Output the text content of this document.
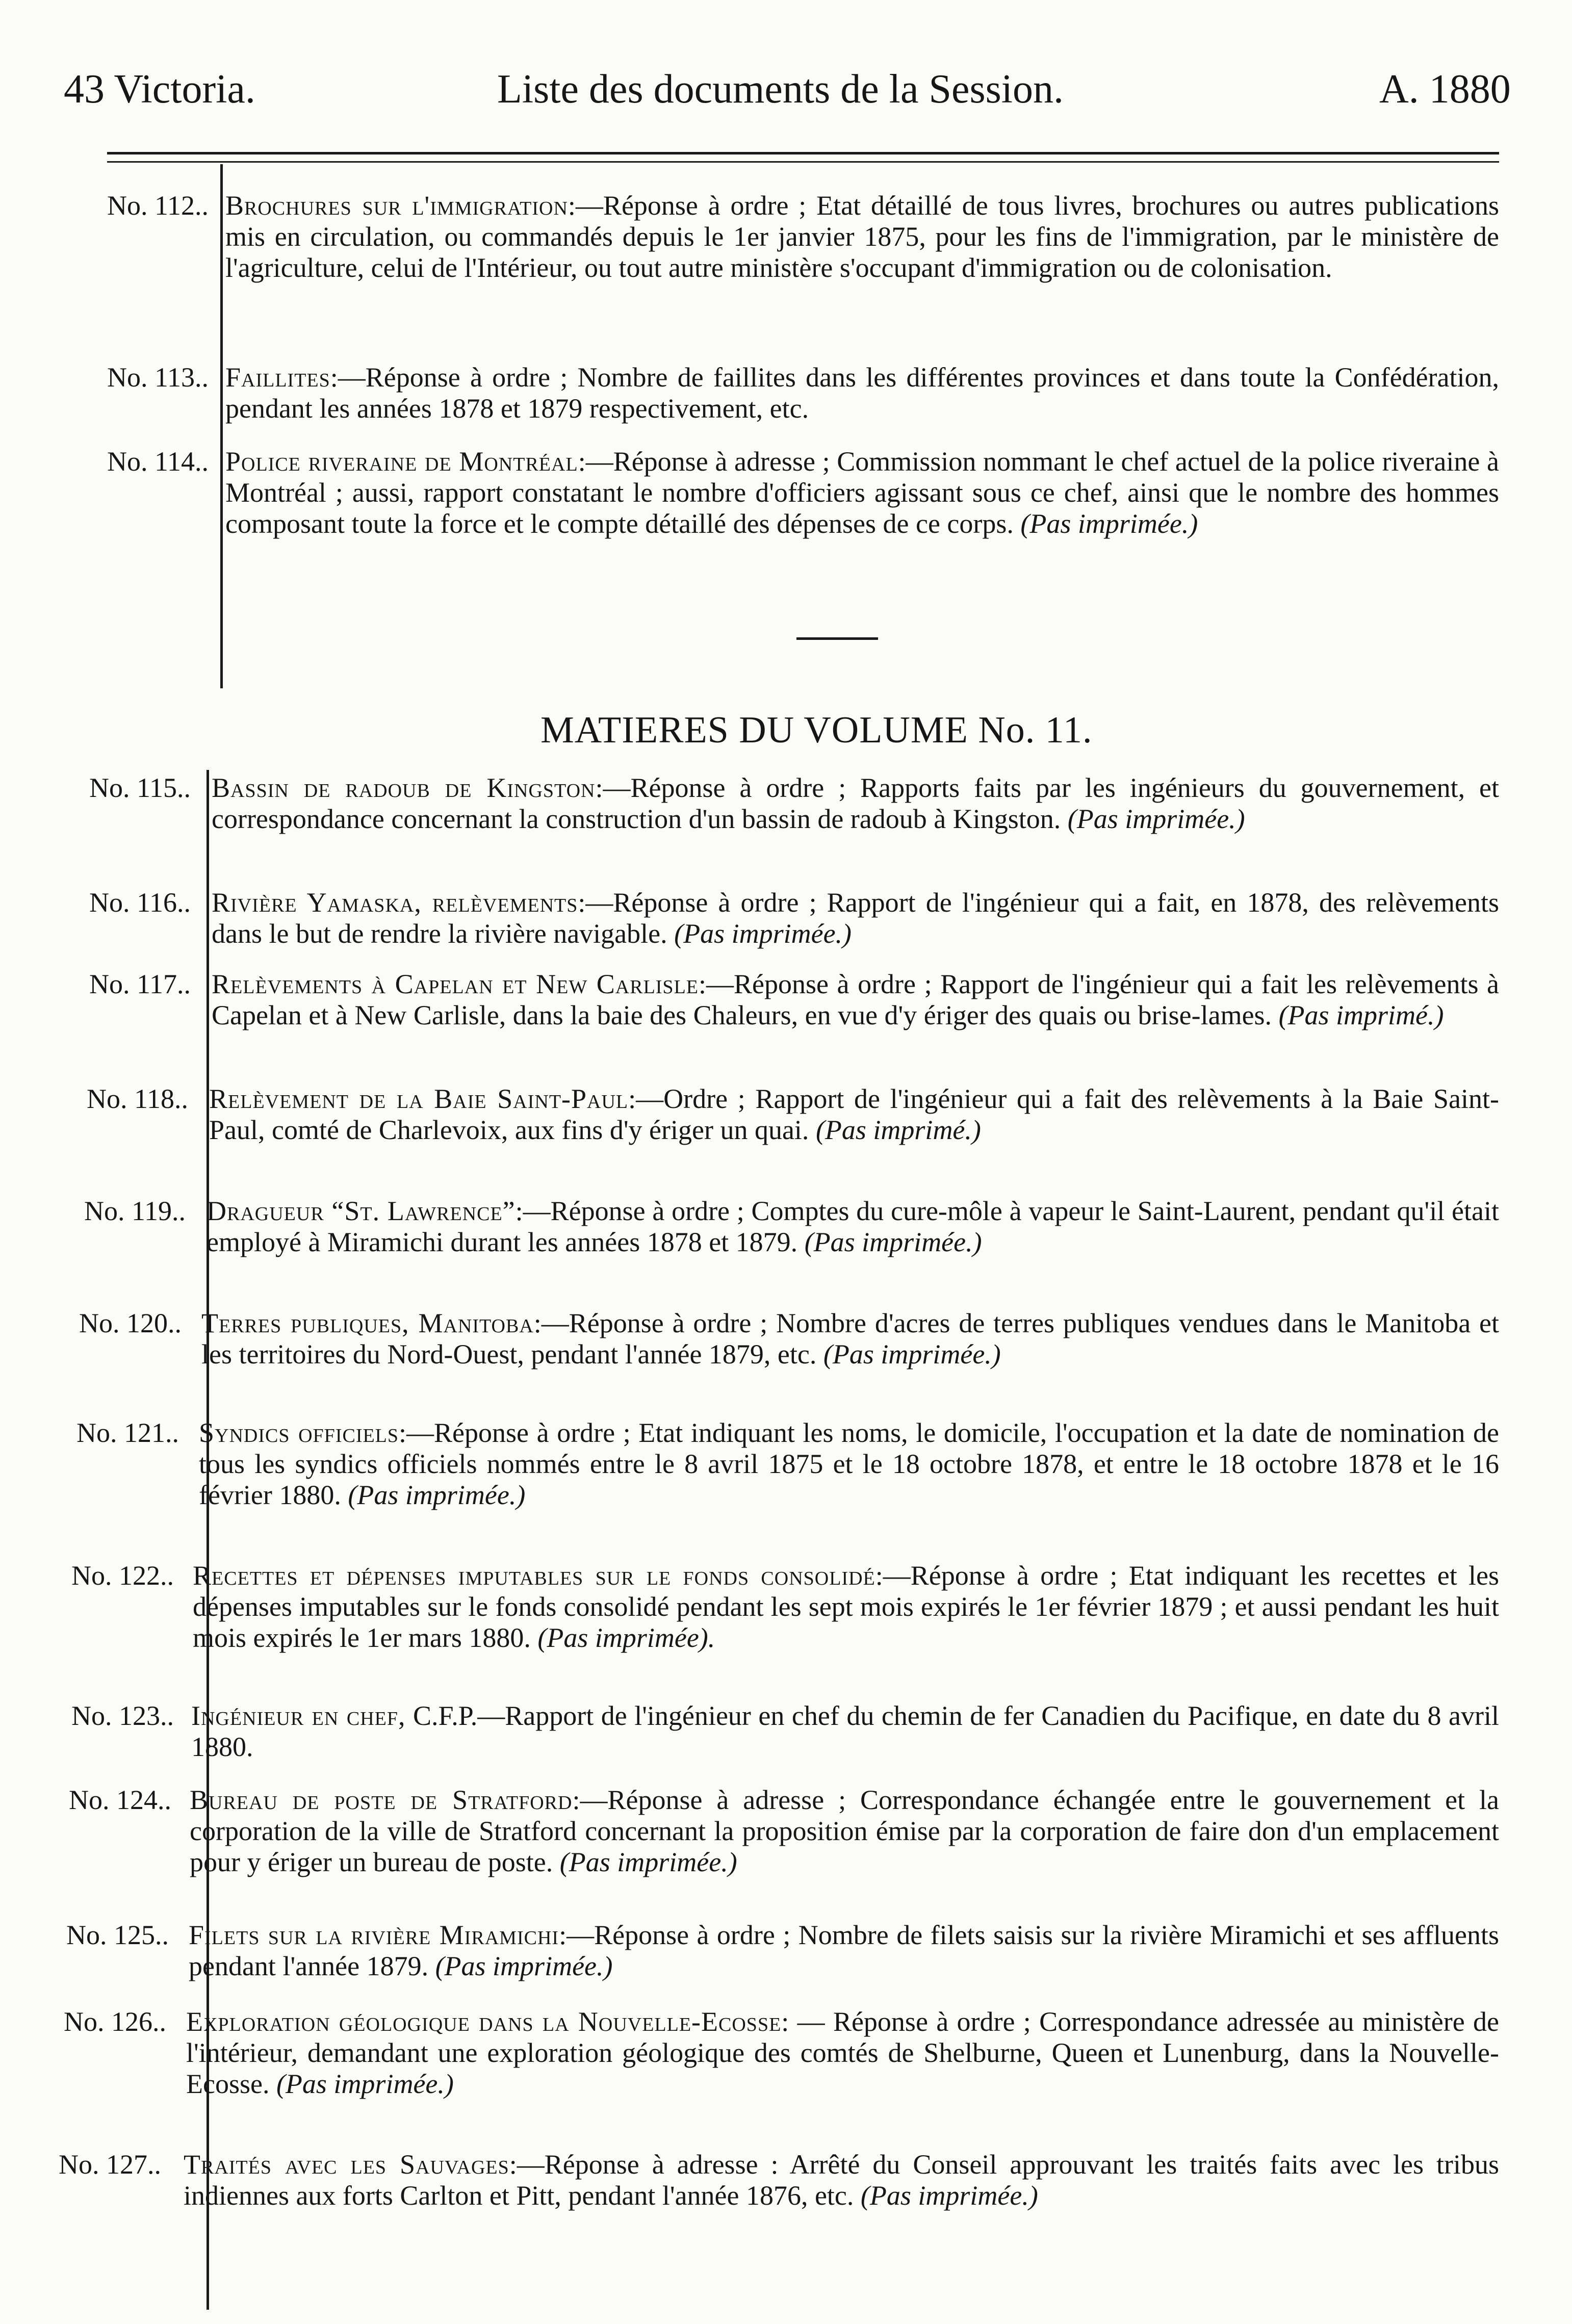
43 Victoria.	Liste des documents de la Session.	A. 1880
MATIERES DU VOLUME No. 11.
No. 112.. Brochures sur l'immigration:—Réponse à ordre ; Etat détaillé de tous livres, brochures ou autres publications mis en circulation, ou commandés depuis le 1er janvier 1875, pour les fins de l'immigration, par le ministère de l'agriculture, celui de l'Intérieur, ou tout autre ministère s'occupant d'immigration ou de colonisation.
No. 113.. Faillites:—Réponse à ordre ; Nombre de faillites dans les différentes provinces et dans toute la Confédération, pendant les années 1878 et 1879 respectivement, etc.
No. 114.. Police riveraine de Montréal:—Réponse à adresse ; Commission nommant le chef actuel de la police riveraine à Montréal ; aussi, rapport constatant le nombre d'officiers agissant sous ce chef, ainsi que le nombre des hommes composant toute la force et le compte détaillé des dépenses de ce corps. (Pas imprimée.)
No. 115.. Bassin de radoub de Kingston:—Réponse à ordre ; Rapports faits par les ingénieurs du gouvernement, et correspondance concernant la construction d'un bassin de radoub à Kingston. (Pas imprimée.)
No. 116.. Rivière Yamaska, relèvements:—Réponse à ordre ; Rapport de l'ingénieur qui a fait, en 1878, des relèvements dans le but de rendre la rivière navigable. (Pas imprimée.)
No. 117.. Relèvements à Capelan et New Carlisle:—Réponse à ordre ; Rapport de l'ingénieur qui a fait les relèvements à Capelan et à New Carlisle, dans la baie des Chaleurs, en vue d'y ériger des quais ou brise-lames. (Pas imprimé.)
No. 118.. Relèvement de la Baie Saint-Paul:—Ordre ; Rapport de l'ingénieur qui a fait des relèvements à la Baie Saint-Paul, comté de Charlevoix, aux fins d'y ériger un quai. (Pas imprimé.)
No. 119.. Dragueur “St. Lawrence”:—Réponse à ordre ; Comptes du cure-môle à vapeur le Saint-Laurent, pendant qu'il était employé à Miramichi durant les années 1878 et 1879. (Pas imprimée.)
No. 120.. Terres publiques, Manitoba:—Réponse à ordre ; Nombre d'acres de terres publiques vendues dans le Manitoba et les territoires du Nord-Ouest, pendant l'année 1879, etc. (Pas imprimée.)
No. 121.. Syndics officiels:—Réponse à ordre ; Etat indiquant les noms, le domicile, l'occupation et la date de nomination de tous les syndics officiels nommés entre le 8 avril 1875 et le 18 octobre 1878, et entre le 18 octobre 1878 et le 16 février 1880. (Pas imprimée.)
No. 122.. Recettes et dépenses imputables sur le fonds consolidé:—Réponse à ordre ; Etat indiquant les recettes et les dépenses imputables sur le fonds consolidé pendant les sept mois expirés le 1er février 1879 ; et aussi pendant les huit mois expirés le 1er mars 1880. (Pas imprimée).
No. 123.. Ingénieur en chef, C.F.P.—Rapport de l'ingénieur en chef du chemin de fer Canadien du Pacifique, en date du 8 avril 1880.
No. 124.. Bureau de poste de Stratford:—Réponse à adresse ; Correspondance échangée entre le gouvernement et la corporation de la ville de Stratford concernant la proposition émise par la corporation de faire don d'un emplacement pour y ériger un bureau de poste. (Pas imprimée.)
No. 125.. Filets sur la rivière Miramichi:—Réponse à ordre ; Nombre de filets saisis sur la rivière Miramichi et ses affluents pendant l'année 1879. (Pas imprimée.)
No. 126.. Exploration géologique dans la Nouvelle-Ecosse: — Réponse à ordre ; Correspondance adressée au ministère de l'intérieur, demandant une exploration géologique des comtés de Shelburne, Queen et Lunenburg, dans la Nouvelle-Ecosse. (Pas imprimée.)
No. 127.. Traités avec les Sauvages:—Réponse à adresse : Arrêté du Conseil approuvant les traités faits avec les tribus indiennes aux forts Carlton et Pitt, pendant l'année 1876, etc. (Pas imprimée.)
